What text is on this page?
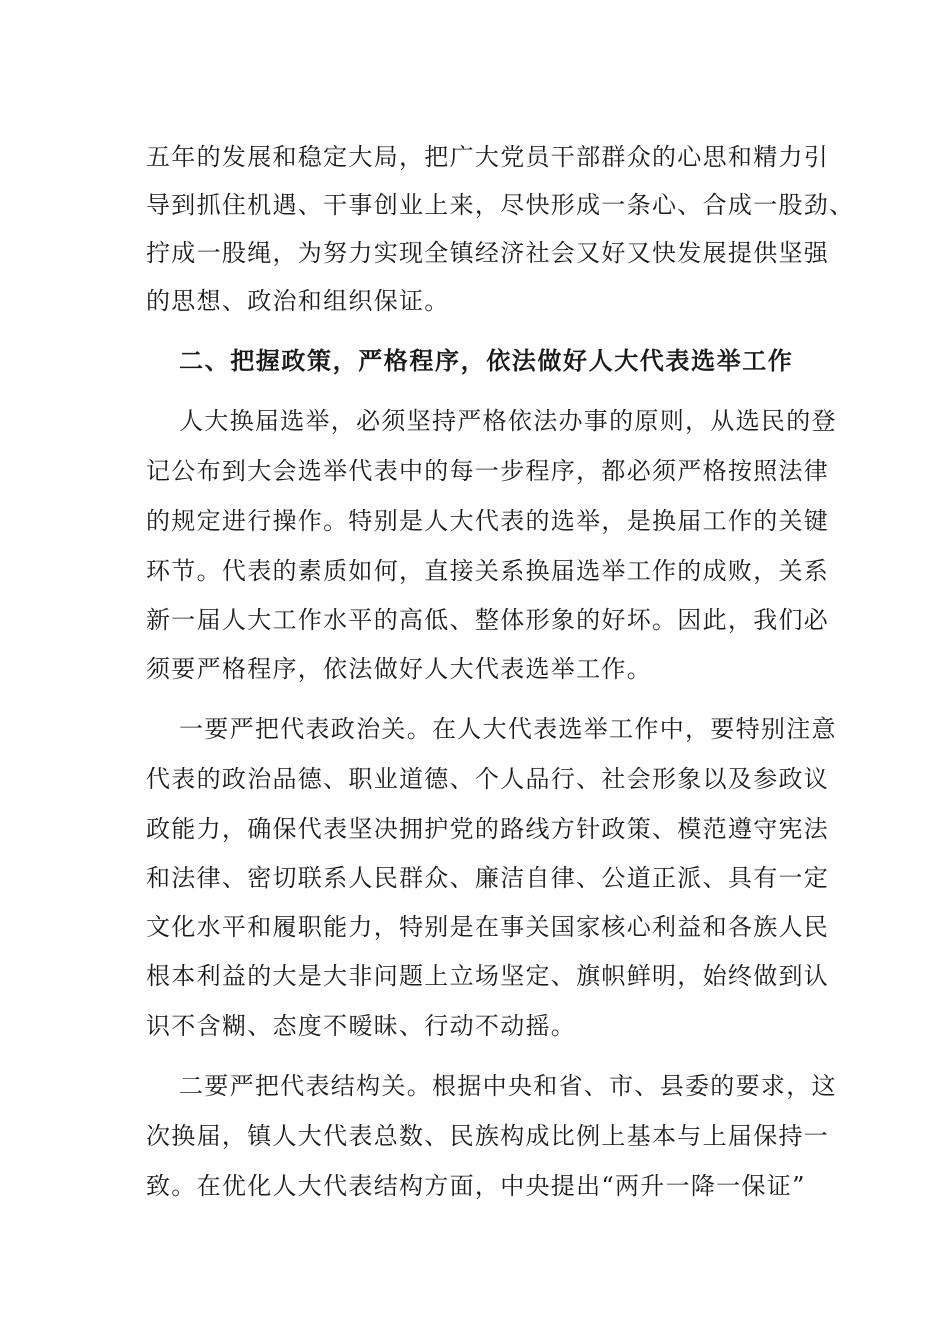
五年的发展和稳定大局，把广大党员干部群众的心思和精力引
导到抓住机遇、干事创业上来，尽快形成一条心、合成一股劲、
拧成一股绳，为努力实现全镇经济社会又好又快发展提供坚强
的思想、政治和组织保证。
二、把握政策，严格程序，依法做好人大代表选举工作
人大换届选举，必须坚持严格依法办事的原则，从选民的登
记公布到大会选举代表中的每一步程序，都必须严格按照法律
的规定进行操作。特别是人大代表的选举，是换届工作的关键
环节。代表的素质如何，直接关系换届选举工作的成败，关系
新一届人大工作水平的高低、整体形象的好坏。因此，我们必
须要严格程序，依法做好人大代表选举工作。
一要严把代表政治关。在人大代表选举工作中，要特别注意
代表的政治品德、职业道德、个人品行、社会形象以及参政议
政能力，确保代表坚决拥护党的路线方针政策、模范遵守宪法
和法律、密切联系人民群众、廉洁自律、公道正派、具有一定
文化水平和履职能力，特别是在事关国家核心利益和各族人民
根本利益的大是大非问题上立场坚定、旗帜鲜明，始终做到认
识不含糊、态度不暧昧、行动不动摇。
二要严把代表结构关。根据中央和省、市、县委的要求，这
次换届，镇人大代表总数、民族构成比例上基本与上届保持一
致。在优化人大代表结构方面，中央提出“两升一降一保证”
